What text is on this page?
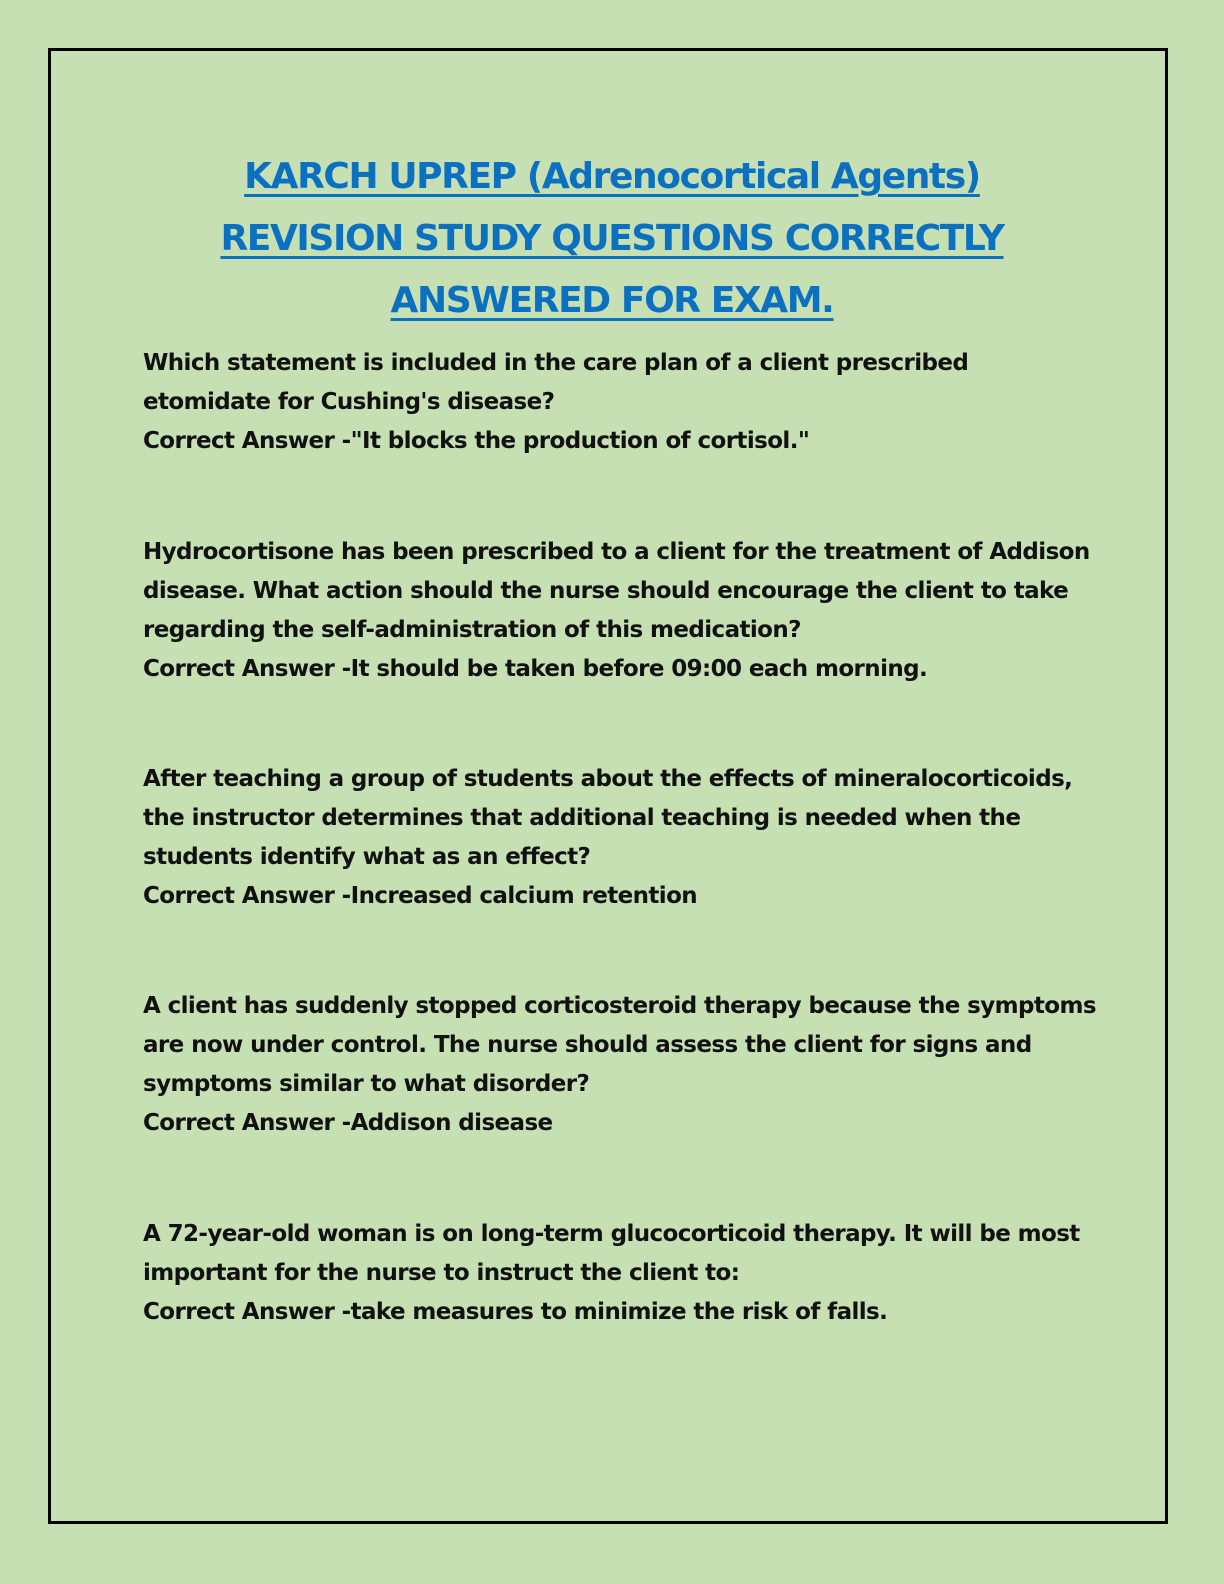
KARCH UPREP (Adrenocortical Agents)
REVISION STUDY QUESTIONS CORRECTLY
ANSWERED FOR EXAM.

Which statement is included in the care plan of a client prescribed etomidate for Cushing's disease?

Correct Answer -"It blocks the production of cortisol."

Hydrocortisone has been prescribed to a client for the treatment of Addison disease. What action should the nurse should encourage the client to take regarding the self-administration of this medication?

Correct Answer -It should be taken before 09:00 each morning.

After teaching a group of students about the effects of mineralocorticoids, the instructor determines that additional teaching is needed when the students identify what as an effect?

Correct Answer -Increased calcium retention

A client has suddenly stopped corticosteroid therapy because the symptoms are now under control. The nurse should assess the client for signs and symptoms similar to what disorder?

Correct Answer -Addison disease

A 72-year-old woman is on long-term glucocorticoid therapy. It will be most important for the nurse to instruct the client to:

Correct Answer -take measures to minimize the risk of falls.
